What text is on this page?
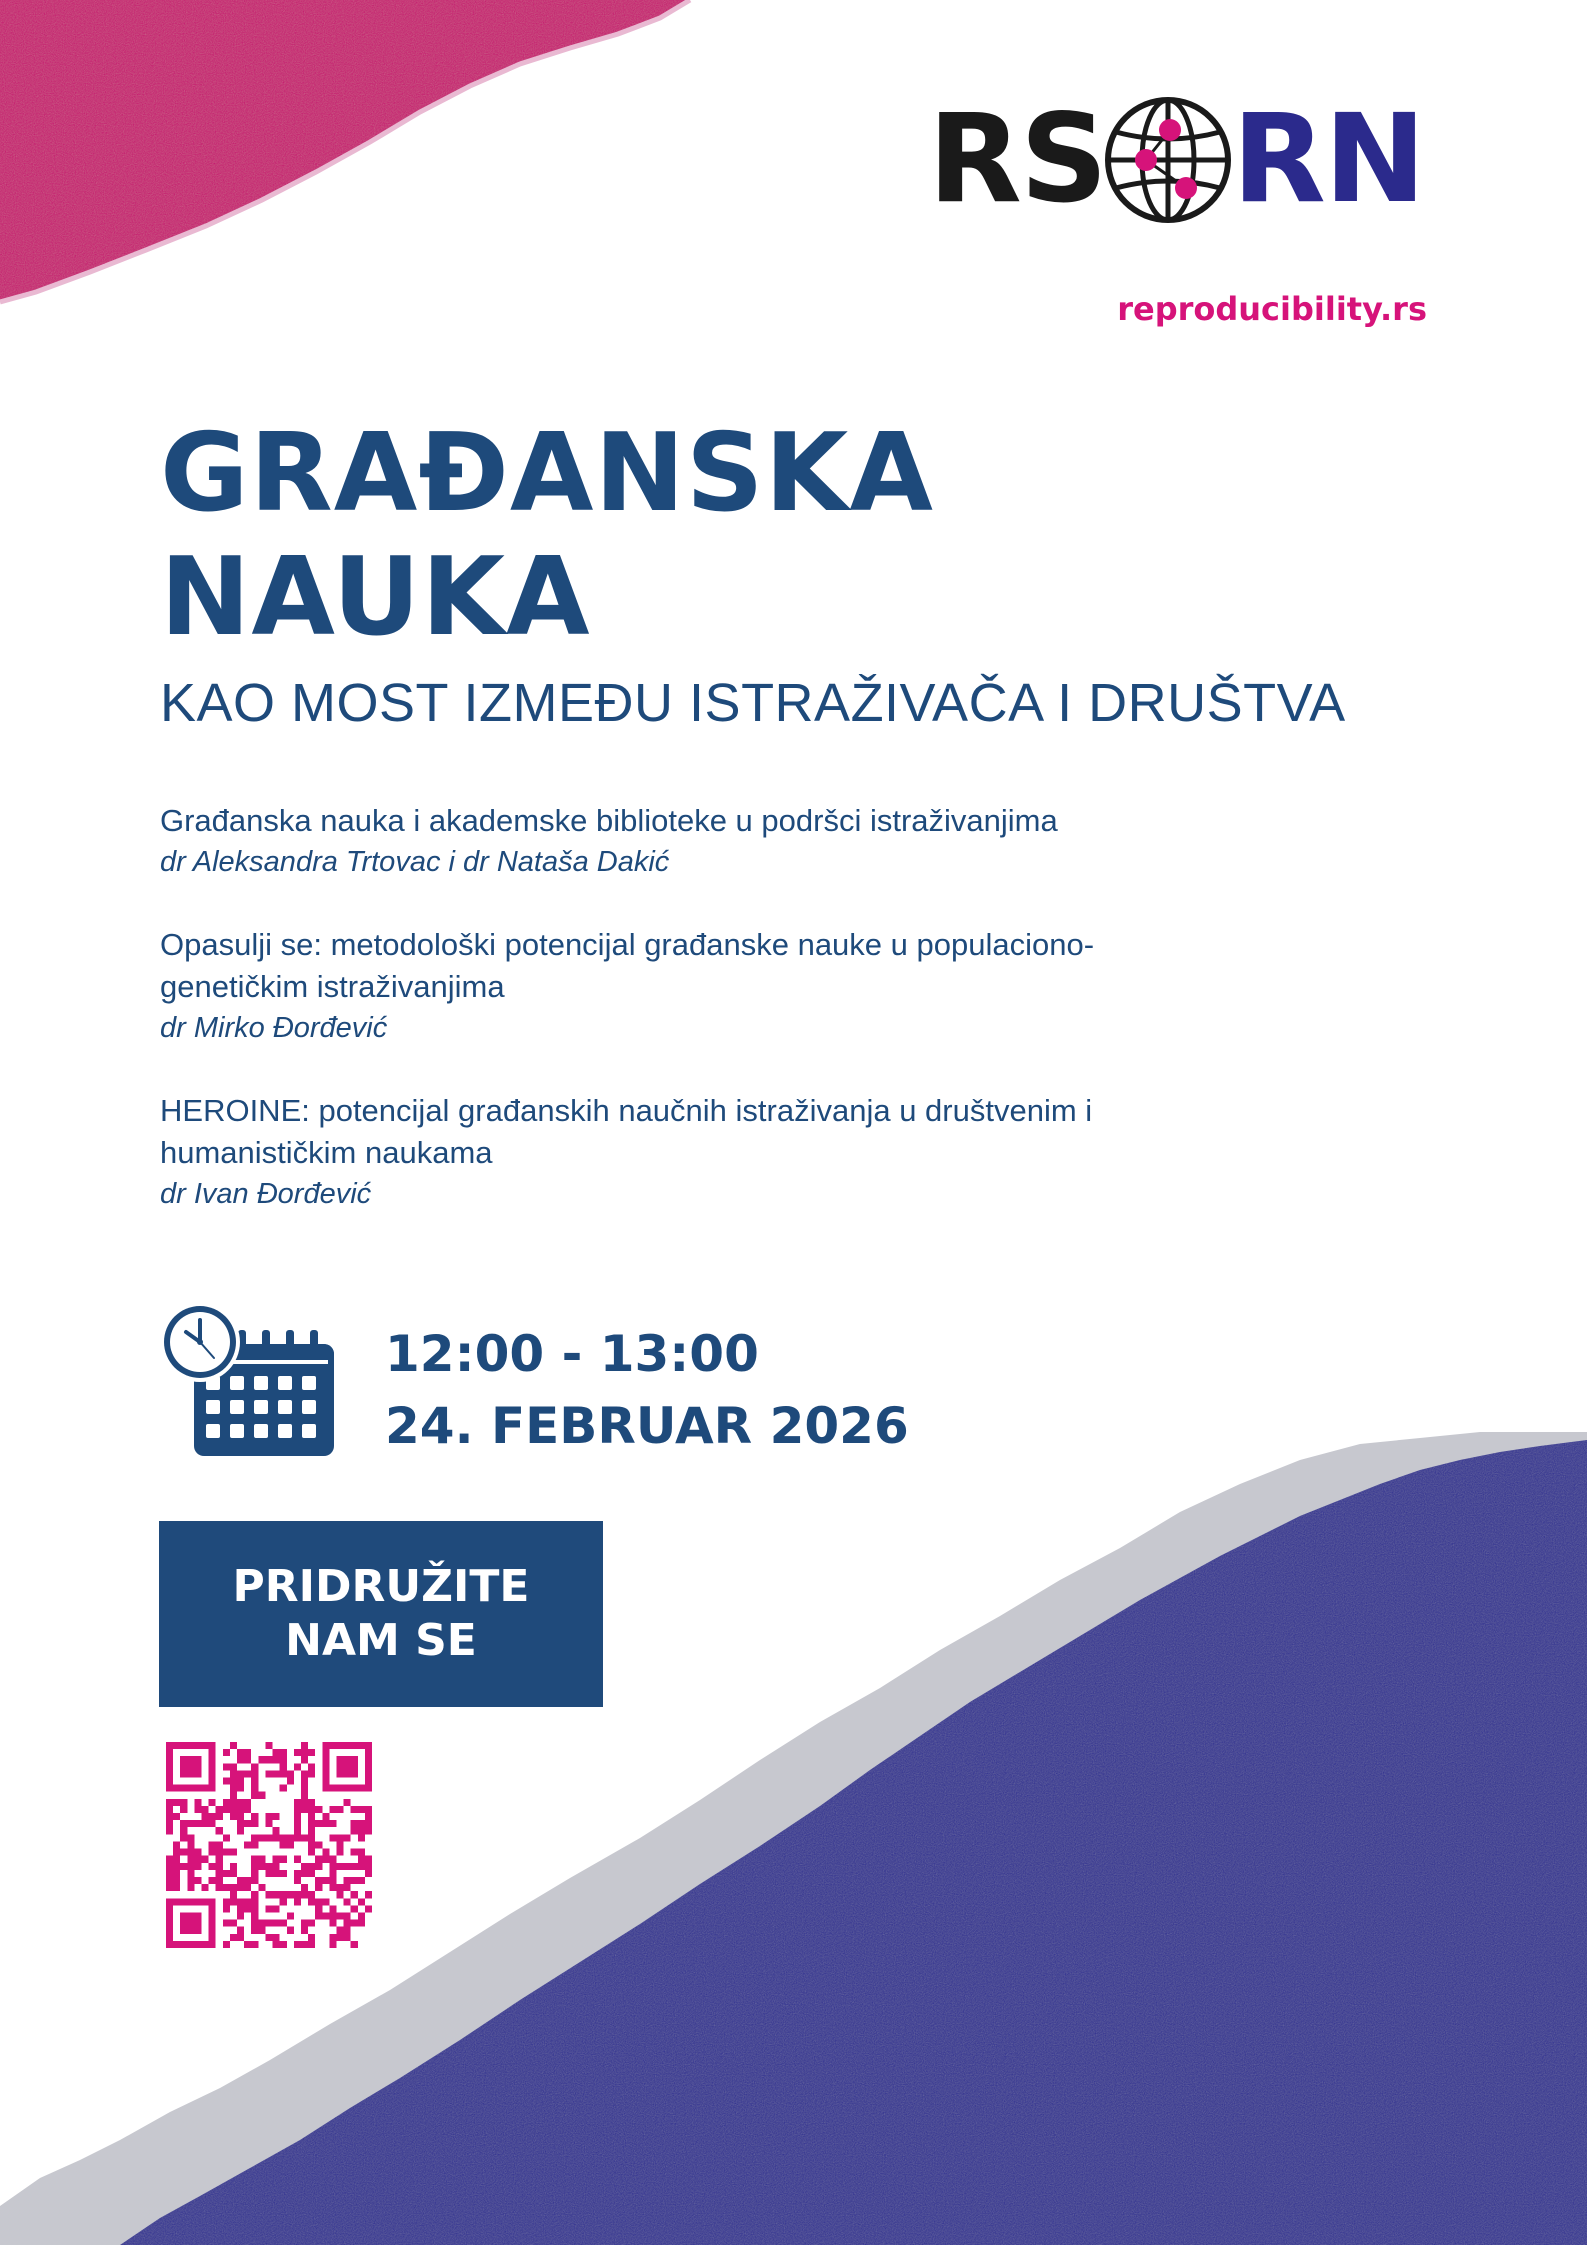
RS RN
reproducibility.rs
GRAĐANSKA
NAUKA
KAO MOST IZMEĐU ISTRAŽIVAČA I DRUŠTVA
Građanska nauka i akademske biblioteke u podršci istraživanjima
dr Aleksandra Trtovac i dr Nataša Dakić
Opasulji se: metodološki potencijal građanske nauke u populaciono-
genetičkim istraživanjima
dr Mirko Đorđević
HEROINE: potencijal građanskih naučnih istraživanja u društvenim i
humanističkim naukama
dr Ivan Đorđević
12:00 - 13:00
24. FEBRUAR 2026
PRIDRUŽITE
NAM SE
